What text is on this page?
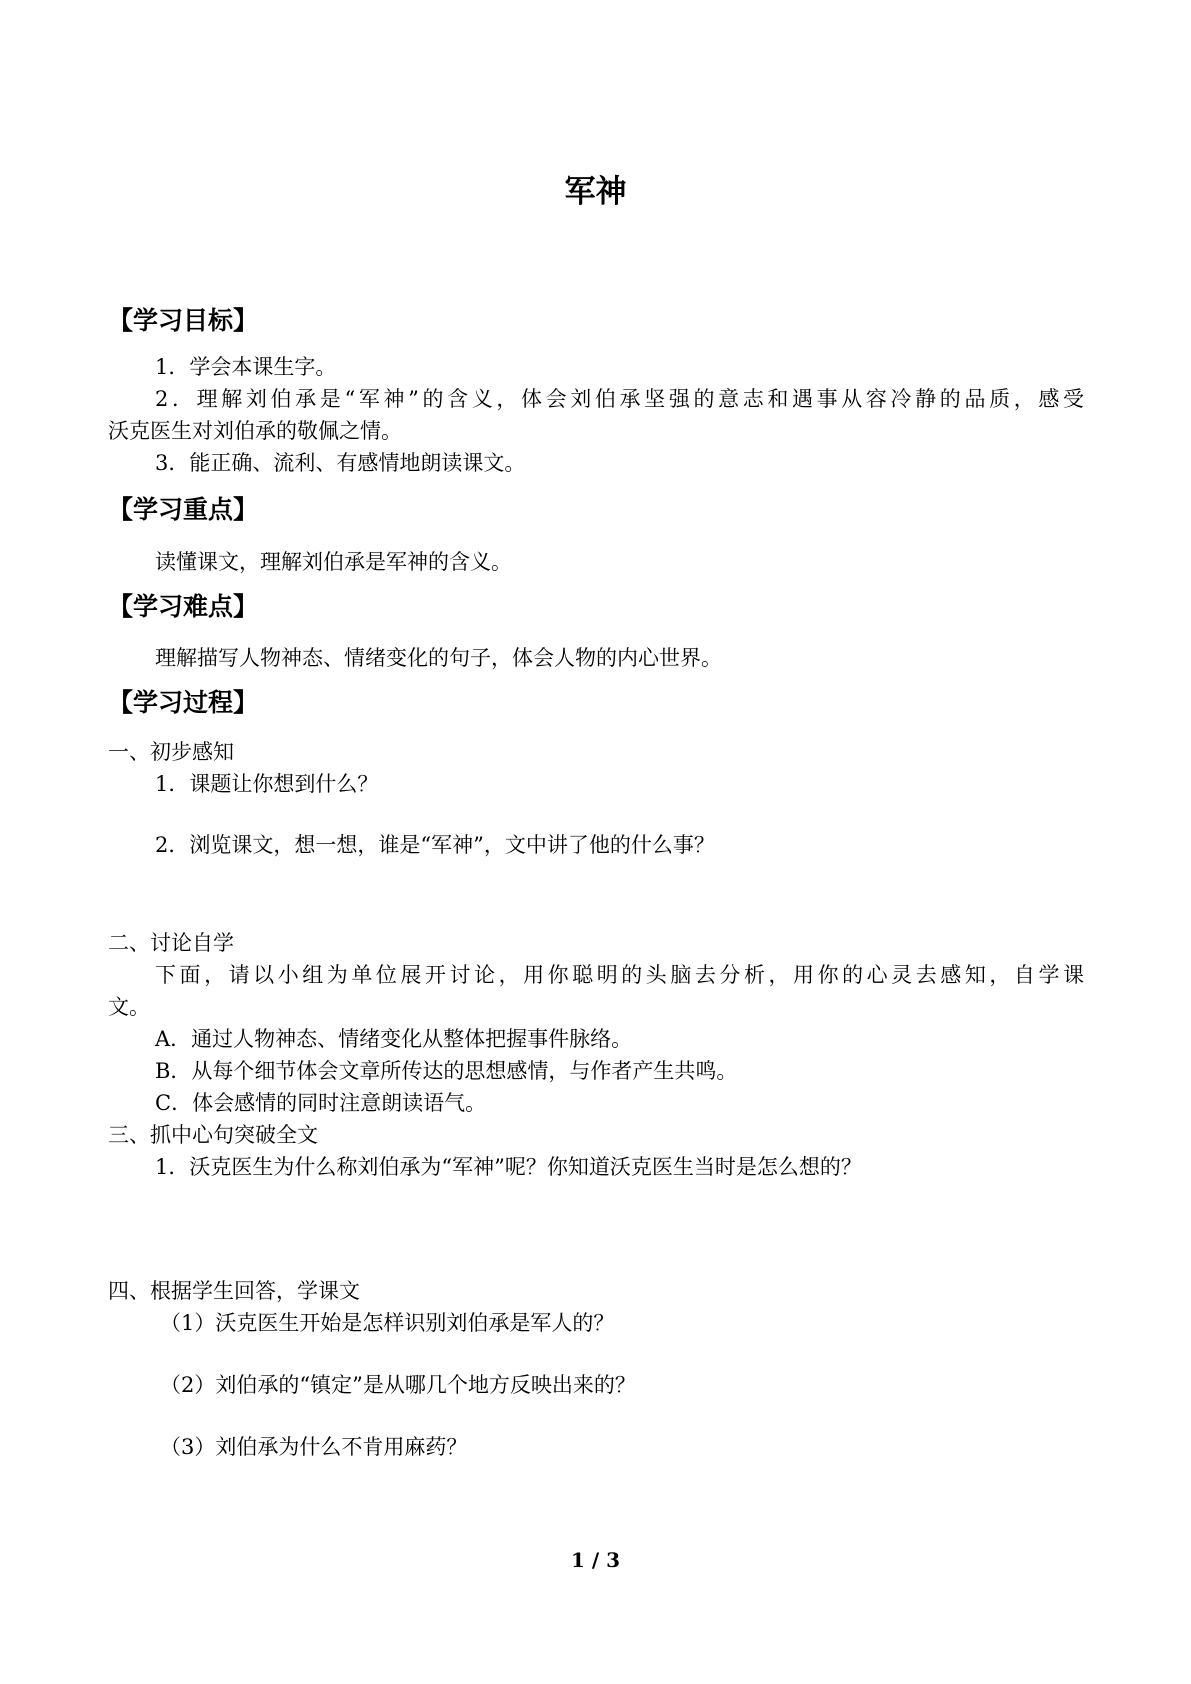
军神
【学习目标】
1．学会本课生字。
2．理解刘伯承是“军神”的含义，体会刘伯承坚强的意志和遇事从容冷静的品质，感受
沃克医生对刘伯承的敬佩之情。
3．能正确、流利、有感情地朗读课文。
【学习重点】
读懂课文，理解刘伯承是军神的含义。
【学习难点】
理解描写人物神态、情绪变化的句子，体会人物的内心世界。
【学习过程】
一、初步感知
1．课题让你想到什么？
2．浏览课文，想一想，谁是“军神”，文中讲了他的什么事？
二、讨论自学
下面，请以小组为单位展开讨论，用你聪明的头脑去分析，用你的心灵去感知，自学课
文。
A．通过人物神态、情绪变化从整体把握事件脉络。
B．从每个细节体会文章所传达的思想感情，与作者产生共鸣。
C．体会感情的同时注意朗读语气。
三、抓中心句突破全文
1．沃克医生为什么称刘伯承为“军神”呢？你知道沃克医生当时是怎么想的？
四、根据学生回答，学课文
（1）沃克医生开始是怎样识别刘伯承是军人的？
（2）刘伯承的“镇定”是从哪几个地方反映出来的？
（3）刘伯承为什么不肯用麻药？
1 / 3
